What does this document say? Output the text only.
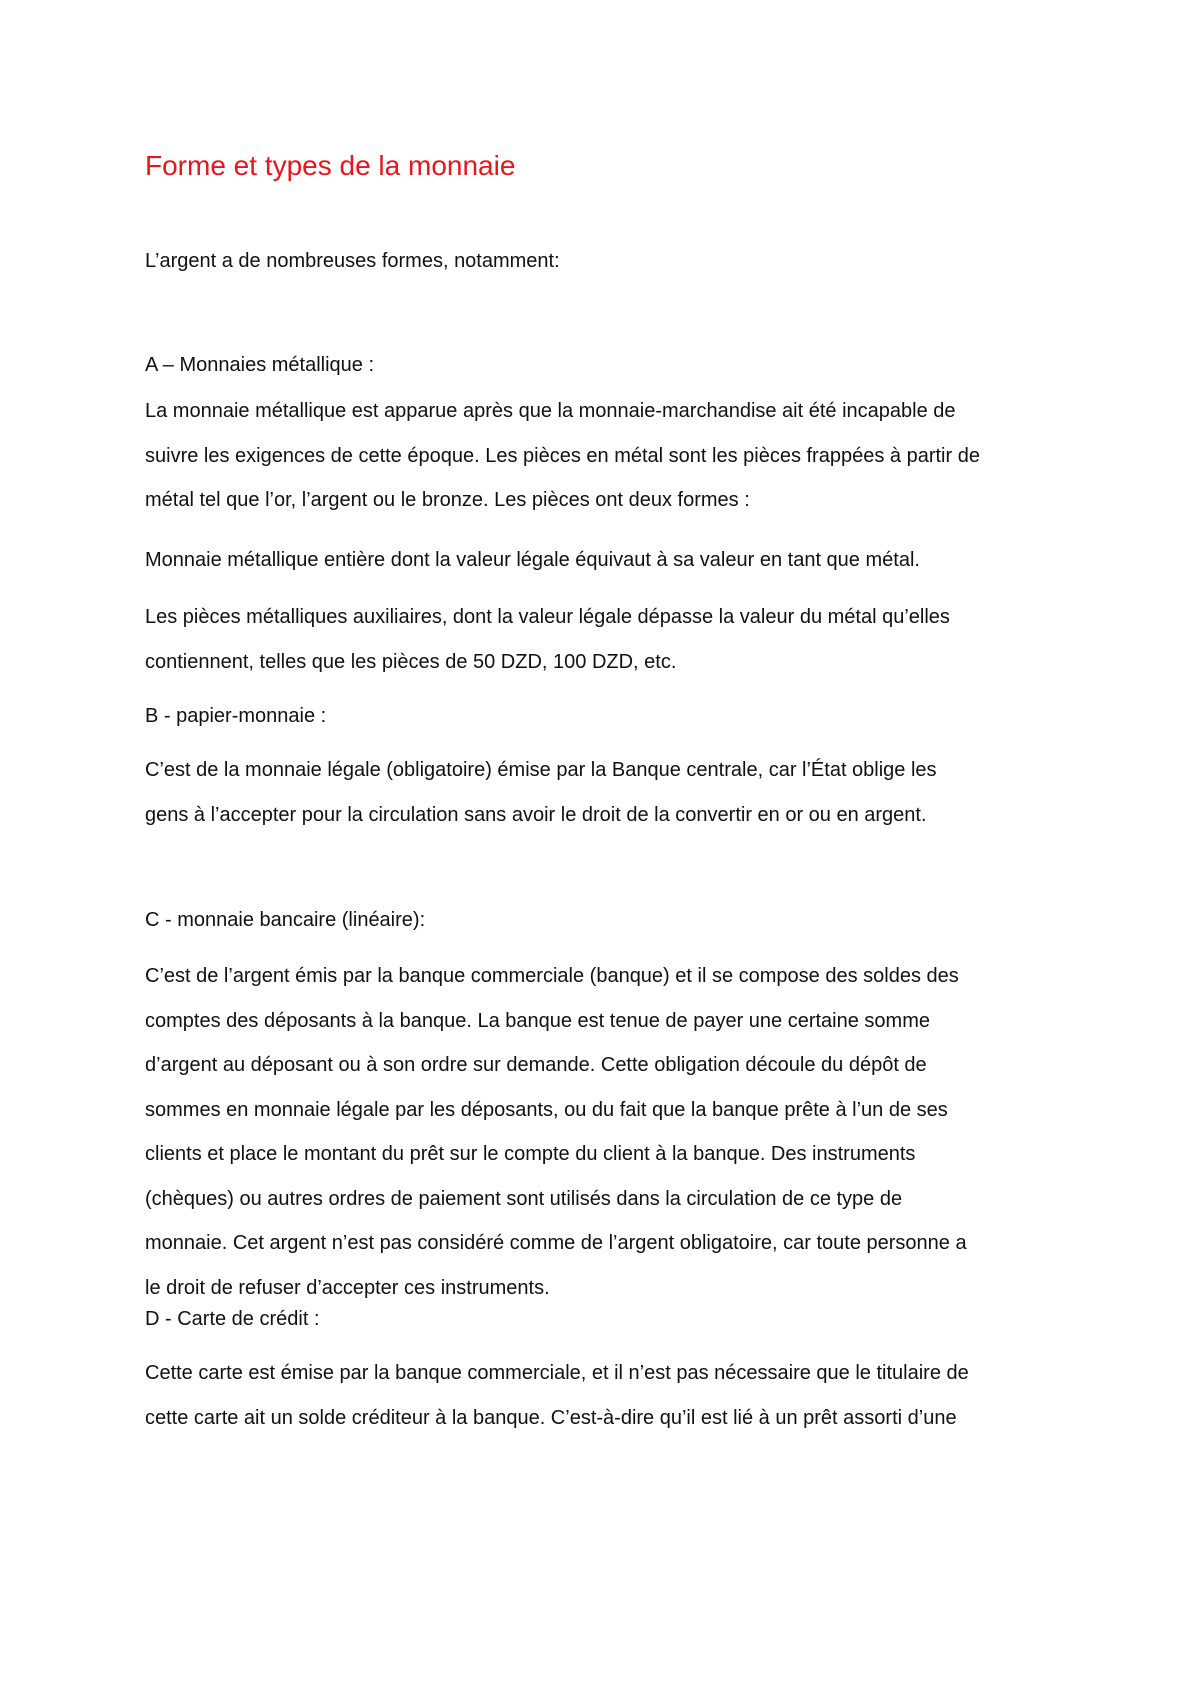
Forme et types de la monnaie

L’argent a de nombreuses formes, notamment:

A – Monnaies métallique :

La monnaie métallique est apparue après que la monnaie-marchandise ait été incapable de
suivre les exigences de cette époque. Les pièces en métal sont les pièces frappées à partir de
métal tel que l’or, l’argent ou le bronze. Les pièces ont deux formes :

Monnaie métallique entière dont la valeur légale équivaut à sa valeur en tant que métal.

Les pièces métalliques auxiliaires, dont la valeur légale dépasse la valeur du métal qu’elles
contiennent, telles que les pièces de 50 DZD, 100 DZD, etc.

B - papier-monnaie :

C’est de la monnaie légale (obligatoire) émise par la Banque centrale, car l’État oblige les
gens à l’accepter pour la circulation sans avoir le droit de la convertir en or ou en argent.

C - monnaie bancaire (linéaire):

C’est de l’argent émis par la banque commerciale (banque) et il se compose des soldes des
comptes des déposants à la banque. La banque est tenue de payer une certaine somme
d’argent au déposant ou à son ordre sur demande. Cette obligation découle du dépôt de
sommes en monnaie légale par les déposants, ou du fait que la banque prête à l’un de ses
clients et place le montant du prêt sur le compte du client à la banque. Des instruments
(chèques) ou autres ordres de paiement sont utilisés dans la circulation de ce type de
monnaie. Cet argent n’est pas considéré comme de l’argent obligatoire, car toute personne a
le droit de refuser d’accepter ces instruments.

D - Carte de crédit :

Cette carte est émise par la banque commerciale, et il n’est pas nécessaire que le titulaire de
cette carte ait un solde créditeur à la banque. C’est-à-dire qu’il est lié à un prêt assorti d’une
